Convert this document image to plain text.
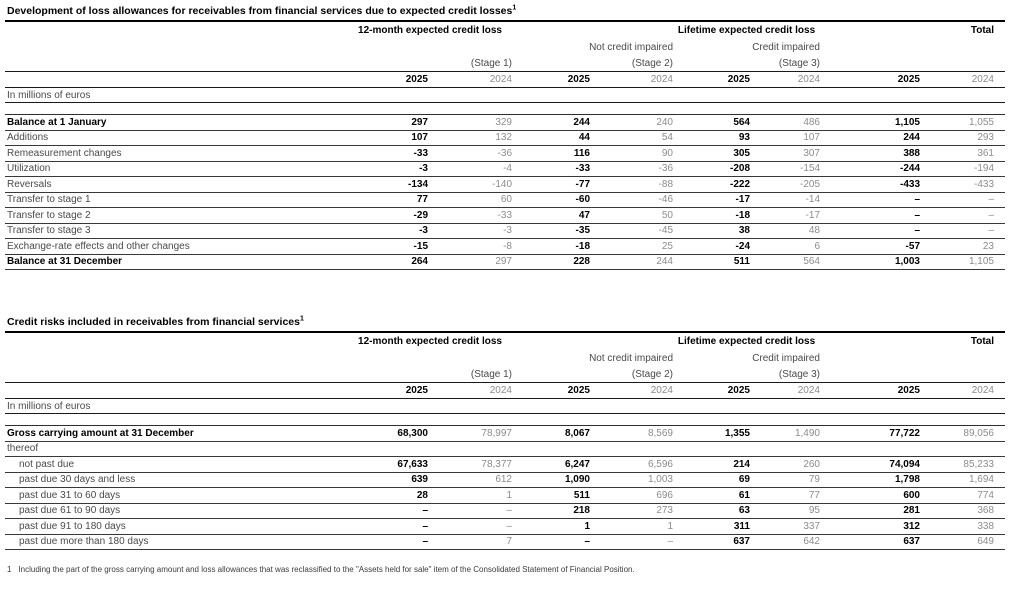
Development of loss allowances for receivables from financial services due to expected credit losses$^1$
	12-month expected credit loss				Lifetime expected credit loss		Total	
			Not credit impaired		Credit impaired			
	(Stage 1)		(Stage 2)		(Stage 3)			
	2025	2024	2025	2024	2025	2024	2025	2024
In millions of euros								

Balance at 1 January	297	329	244	240	564	486	1,105	1,055
Additions	107	132	44	54	93	107	244	293
Remeasurement changes	-33	-36	116	90	305	307	388	361
Utilization	-3	-4	-33	-36	-208	-154	-244	-194
Reversals	-134	-140	-77	-88	-222	-205	-433	-433
Transfer to stage 1	77	60	-60	-46	-17	-14	–	–
Transfer to stage 2	-29	-33	47	50	-18	-17	–	–
Transfer to stage 3	-3	-3	-35	-45	38	48	–	–
Exchange-rate effects and other changes	-15	-8	-18	25	-24	6	-57	23
Balance at 31 December	264	297	228	244	511	564	1,003	1,105
Credit risks included in receivables from financial services$^1$
	12-month expected credit loss				Lifetime expected credit loss		Total	
			Not credit impaired		Credit impaired			
	(Stage 1)		(Stage 2)		(Stage 3)			
	2025	2024	2025	2024	2025	2024	2025	2024
In millions of euros								

Gross carrying amount at 31 December	68,300	78,997	8,067	8,569	1,355	1,490	77,722	89,056
thereof								
not past due	67,633	78,377	6,247	6,596	214	260	74,094	85,233
past due 30 days and less	639	612	1,090	1,003	69	79	1,798	1,694
past due 31 to 60 days	28	1	511	696	61	77	600	774
past due 61 to 90 days	–	–	218	273	63	95	281	368
past due 91 to 180 days	–	–	1	1	311	337	312	338
past due more than 180 days	–	7	–	–	637	642	637	649
1 Including the part of the gross carrying amount and loss allowances that was reclassified to the "Assets held for sale" item of the Consolidated Statement of Financial Position.
